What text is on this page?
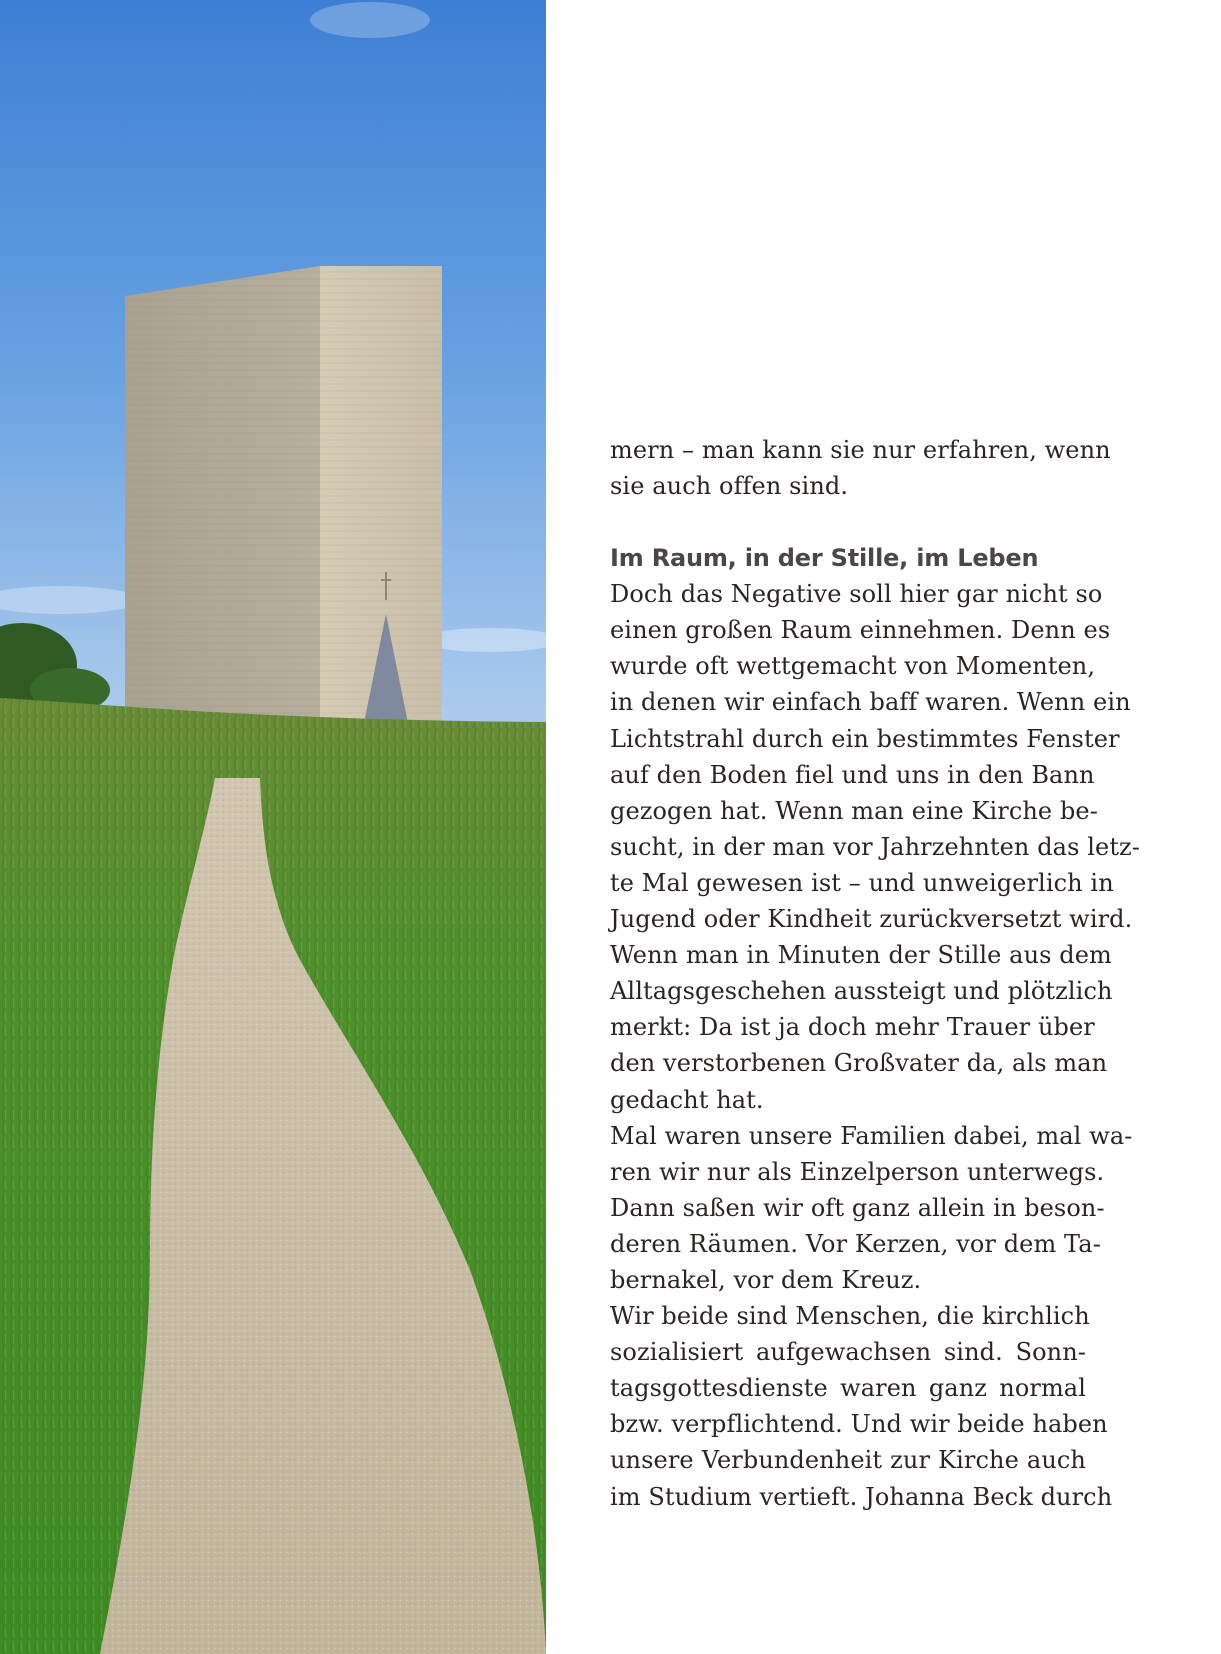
mern – man kann sie nur erfahren, wenn
sie auch offen sind.

Im Raum, in der Stille, im Leben

Doch das Negative soll hier gar nicht so
einen großen Raum einnehmen. Denn es
wurde oft wettgemacht von Momenten,
in denen wir einfach baff waren. Wenn ein
Lichtstrahl durch ein bestimmtes Fenster
auf den Boden fiel und uns in den Bann
gezogen hat. Wenn man eine Kirche be-
sucht, in der man vor Jahrzehnten das letz-
te Mal gewesen ist – und unweigerlich in
Jugend oder Kindheit zurückversetzt wird.
Wenn man in Minuten der Stille aus dem
Alltagsgeschehen aussteigt und plötzlich
merkt: Da ist ja doch mehr Trauer über
den verstorbenen Großvater da, als man
gedacht hat.

Mal waren unsere Familien dabei, mal wa-
ren wir nur als Einzelperson unterwegs.
Dann saßen wir oft ganz allein in beson-
deren Räumen. Vor Kerzen, vor dem Ta-
bernakel, vor dem Kreuz.

Wir beide sind Menschen, die kirchlich
sozialisiert aufgewachsen sind. Sonn-
tagsgottesdienste waren ganz normal
bzw. verpflichtend. Und wir beide haben
unsere Verbundenheit zur Kirche auch
im Studium vertieft. Johanna Beck durch
